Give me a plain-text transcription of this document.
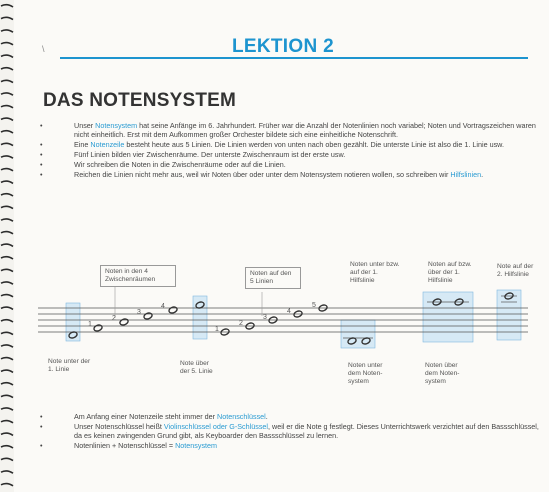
\	LEKTION 2
DAS NOTENSYSTEM
• Unser Notensystem hat seine Anfänge im 6. Jahrhundert. Früher war die Anzahl der Notenlinien noch variabel; Noten und Vortragszeichen waren nicht einheitlich. Erst mit dem Aufkommen großer Orchester bildete sich eine einheitliche Notenschrift.
• Eine Notenzeile besteht heute aus 5 Linien. Die Linien werden von unten nach oben gezählt. Die unterste Linie ist also die 1. Linie usw.
• Fünf Linien bilden vier Zwischenräume. Der unterste Zwischenraum ist der erste usw.
• Wir schreiben die Noten in die Zwischenräume oder auf die Linien.
• Reichen die Linien nicht mehr aus, weil wir Noten über oder unter dem Notensystem notieren wollen, so schreiben wir Hilfslinien.
Noten in den 4 Zwischenräumen
Noten auf den 5 Linien
Noten unter bzw. auf der 1. Hilfslinie
Noten auf bzw. über der 1. Hilfslinie
Note auf der 2. Hilfslinie
Note unter der 1. Linie
Note über der 5. Linie
Noten unter dem Noten-system
Noten über dem Noten-system
1
2
3
4
1
2
3
4
5
• Am Anfang einer Notenzeile steht immer der Notenschlüssel.
• Unser Notenschlüssel heißt Violinschlüssel oder G-Schlüssel, weil er die Note g festlegt. Dieses Unterrichtswerk verzichtet auf den Bassschlüssel, da es keinen zwingenden Grund gibt, als Keyboarder den Bassschlüssel zu lernen.
• Notenlinien + Notenschlüssel = Notensystem
